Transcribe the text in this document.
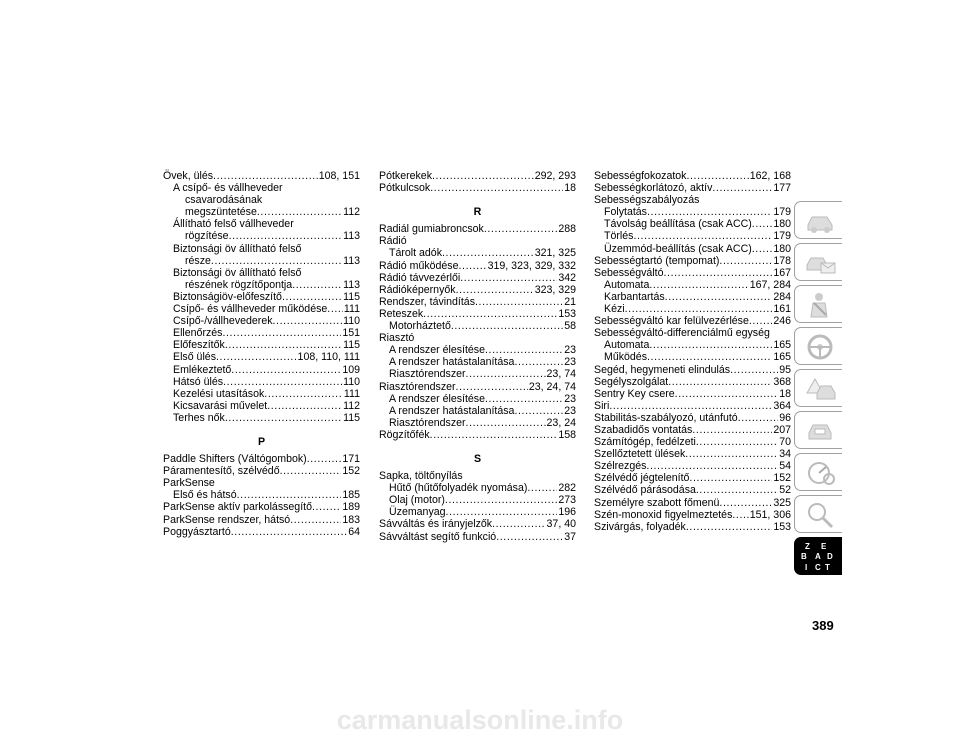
Övek, ülés .....	108, 151
A csípő- és vállheveder
csavarodásának
megszüntetése .....	112
Állítható felső vállheveder
rögzítése .....	113
Biztonsági öv állítható felső
része .....	113
Biztonsági öv állítható felső
részének rögzítőpontja .....	113
Biztonságiöv-előfeszítő .....	115
Csípő- és vállheveder működése ..... 111
Csípő-/vállhevederek .....	110
Ellenőrzés .....	151
Előfeszítők .....	115
Első ülés .....	108, 110, 111
Emlékeztető .....	109
Hátsó ülés .....	110
Kezelési utasítások .....	111
Kicsavarási művelet .....	112
Terhes nők .....	115
P
Paddle Shifters (Váltógombok) .....	171
Páramentesítő, szélvédő .....	152
ParkSense
Első és hátsó .....	185
ParkSense aktív parkolássegítő .....	189
ParkSense rendszer, hátsó .....	183
Poggyásztartó .....	64
Pótkerekek .....	292, 293
Pótkulcsok .....	18
R
Radiál gumiabroncsok .....	288
Rádió
Tárolt adók .....	321, 325
Rádió működése .....	319, 323, 329, 332
Rádió távvezérlői .....	342
Rádióképernyők .....	323, 329
Rendszer, távindítás .....	21
Reteszek .....	153
Motorháztető .....	58
Riasztó
A rendszer élesítése .....	23
A rendszer hatástalanítása .....	23
Riasztórendszer .....	23, 74
Riasztórendszer .....	23, 24, 74
A rendszer élesítése .....	23
A rendszer hatástalanítása .....	23
Riasztórendszer .....	23, 24
Rögzítőfék .....	158
S
Sapka, töltőnyílás
Hűtő (hűtőfolyadék nyomása) .....	282
Olaj (motor) .....	273
Üzemanyag .....	196
Sávváltás és irányjelzők .....	37, 40
Sávváltást segítő funkció .....	37
Sebességfokozatok .....	162, 168
Sebességkorlátozó, aktív .....	177
Sebességszabályozás
Folytatás .....	179
Távolság beállítása (csak ACC) ..... 180
Törlés .....	179
Üzemmód-beállítás (csak ACC) ..... 180
Sebességtartó (tempomat) .....	178
Sebességváltó .....	167
Automata .....	167, 284
Karbantartás .....	284
Kézi .....	161
Sebességváltó kar felülvezérlése ..... 246
Sebességváltó-differenciálmű egység
Automata .....	165
Működés .....	165
Segéd, hegymeneti elindulás .....	95
Segélyszolgálat .....	368
Sentry Key csere .....	18
Siri .....	364
Stabilitás-szabályozó, utánfutó .....	96
Szabadidős vontatás .....	207
Számítógép, fedélzeti .....	70
Szellőztetett ülések .....	34
Szélrezgés .....	54
Szélvédő jégtelenítő .....	152
Szélvédő párásodása .....	52
Személyre szabott főmenü .....	325
Szén-monoxid figyelmeztetés ..... 151, 306
Szivárgás, folyadék .....	153
Z E
B A D
I C T
389
carmanualsonline.info
